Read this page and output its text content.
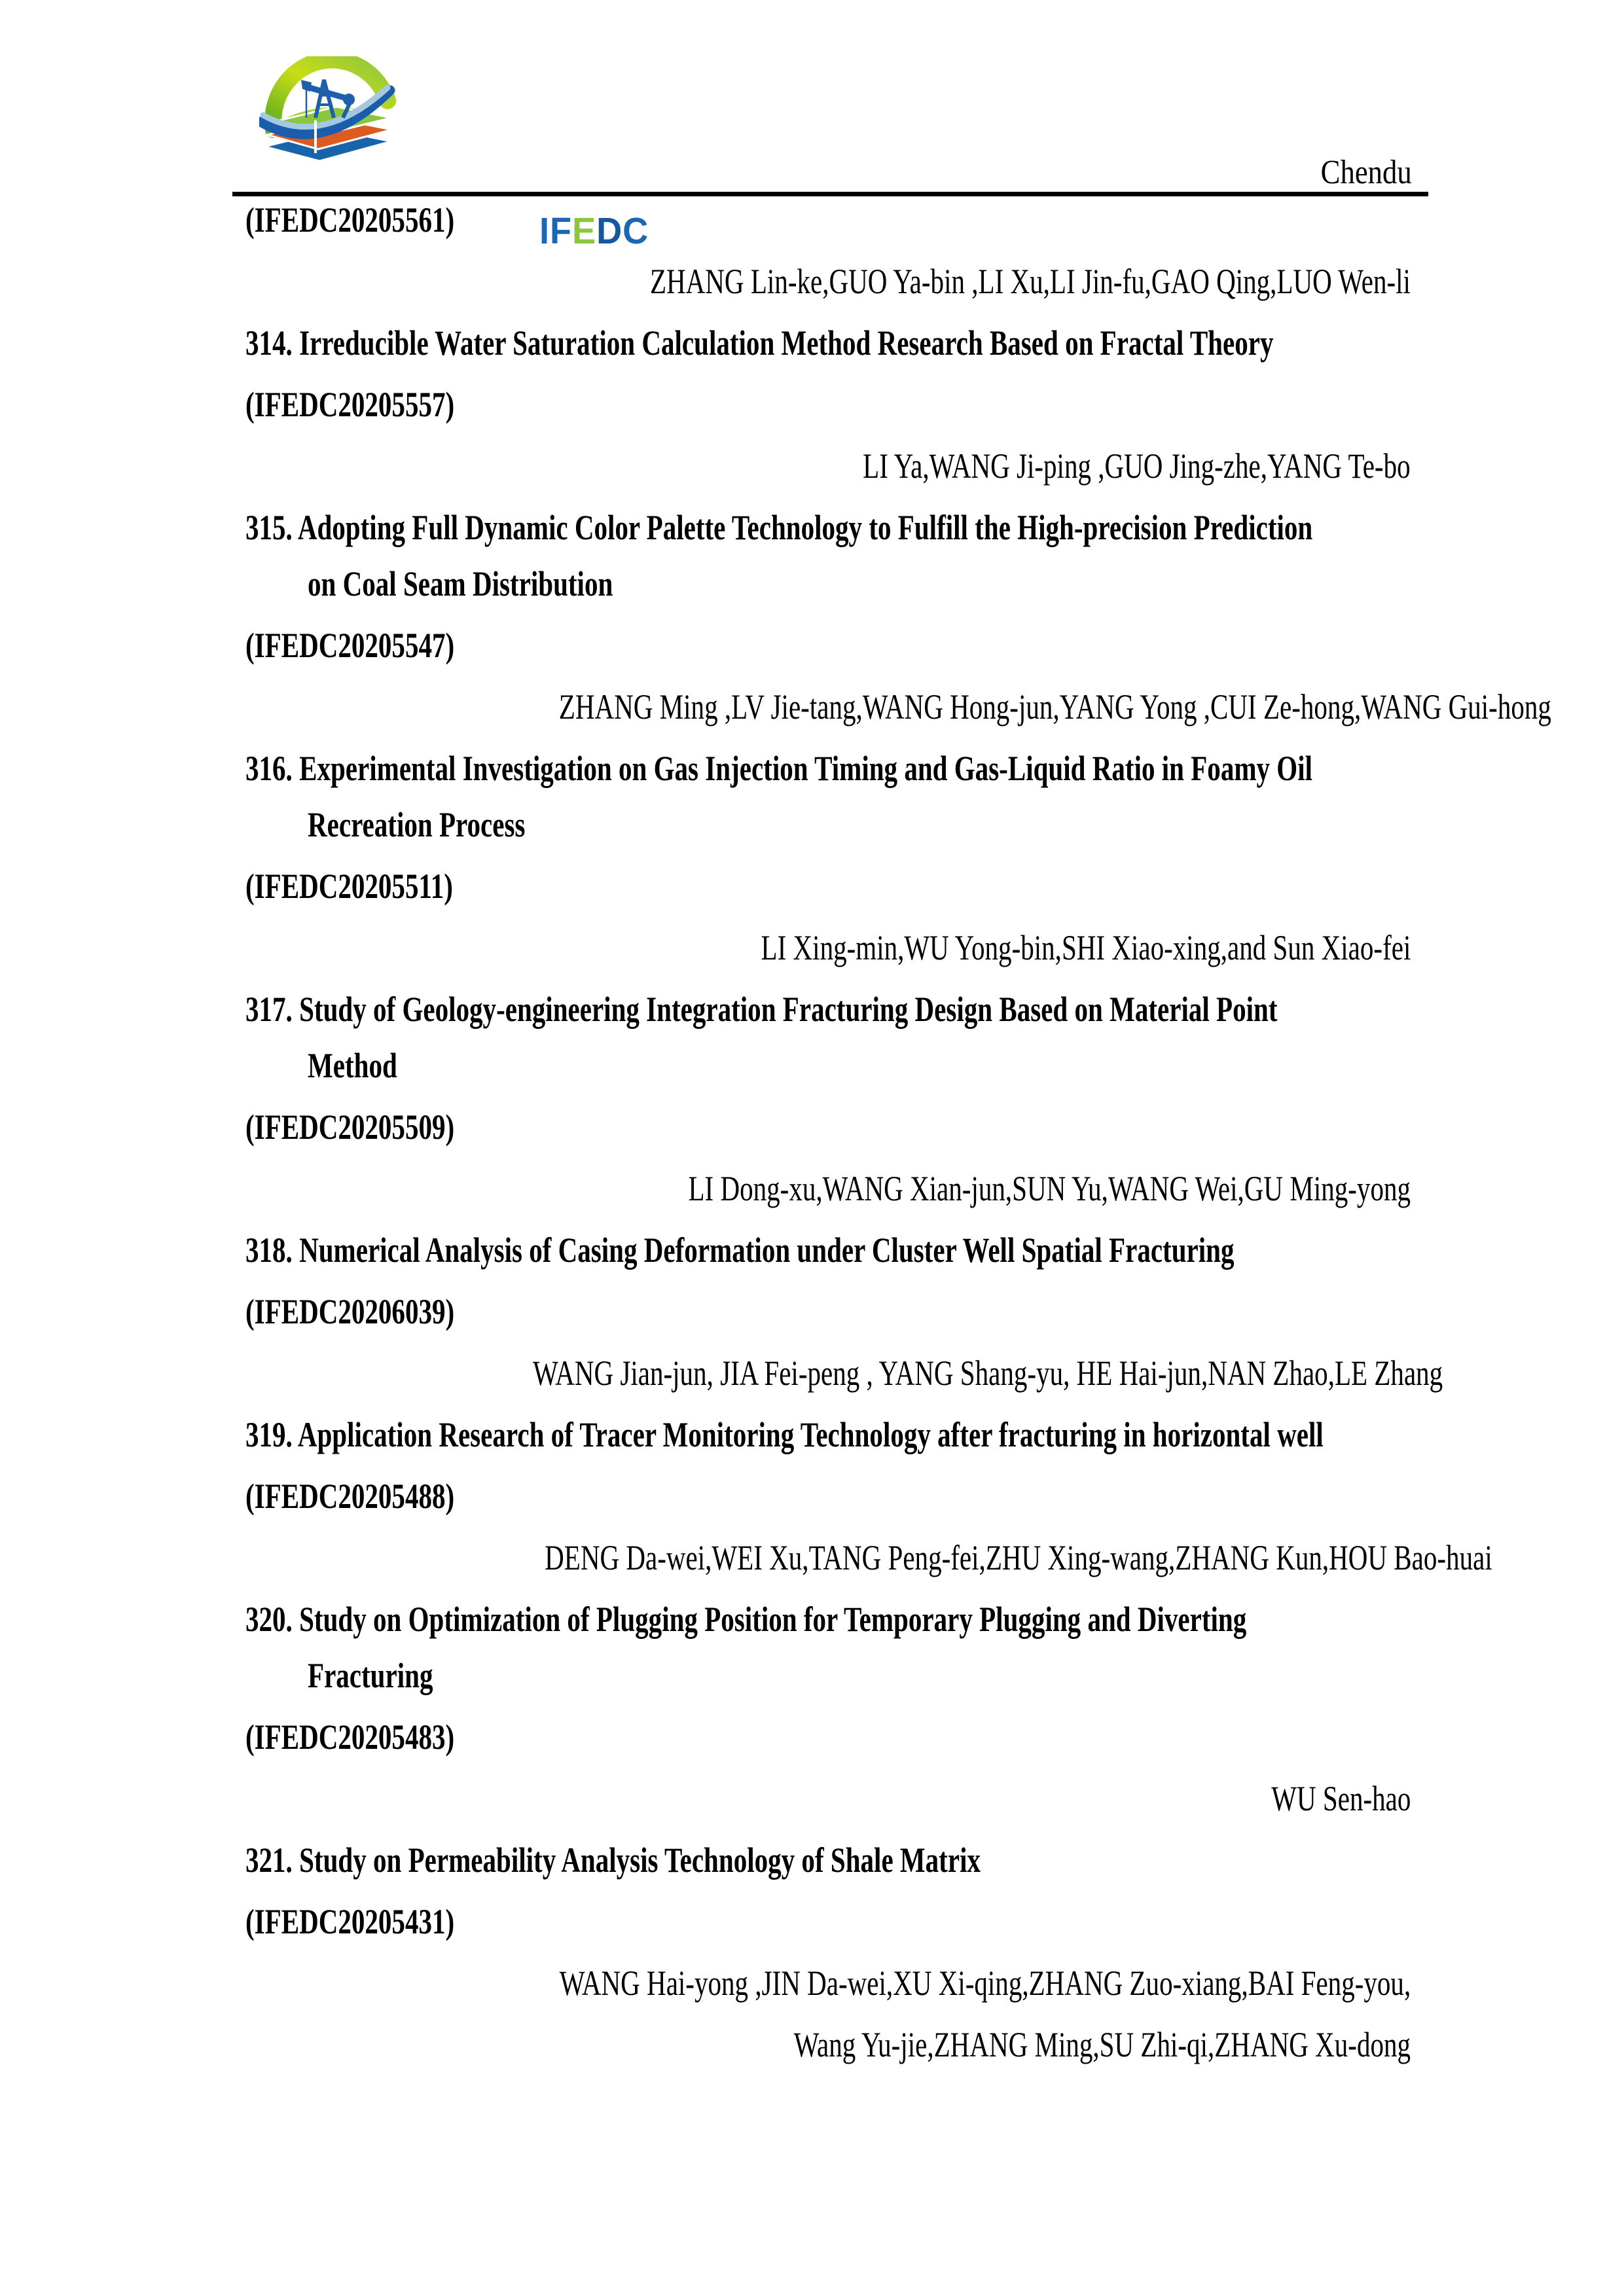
IFEDC
Chendu
(IFEDC20205561)
ZHANG Lin-ke,GUO Ya-bin ,LI Xu,LI Jin-fu,GAO Qing,LUO Wen-li
314. Irreducible Water Saturation Calculation Method Research Based on Fractal Theory
(IFEDC20205557)
LI Ya,WANG Ji-ping ,GUO Jing-zhe,YANG Te-bo
315. Adopting Full Dynamic Color Palette Technology to Fulfill the High-precision Prediction
on Coal Seam Distribution
(IFEDC20205547)
ZHANG Ming ,LV Jie-tang,WANG Hong-jun,YANG Yong ,CUI Ze-hong,WANG Gui-hong
316. Experimental Investigation on Gas Injection Timing and Gas-Liquid Ratio in Foamy Oil
Recreation Process
(IFEDC20205511)
LI Xing-min,WU Yong-bin,SHI Xiao-xing,and Sun Xiao-fei
317. Study of Geology-engineering Integration Fracturing Design Based on Material Point
Method
(IFEDC20205509)
LI Dong-xu,WANG Xian-jun,SUN Yu,WANG Wei,GU Ming-yong
318. Numerical Analysis of Casing Deformation under Cluster Well Spatial Fracturing
(IFEDC20206039)
WANG Jian-jun, JIA Fei-peng , YANG Shang-yu, HE Hai-jun,NAN Zhao,LE Zhang
319. Application Research of Tracer Monitoring Technology after fracturing in horizontal well
(IFEDC20205488)
DENG Da-wei,WEI Xu,TANG Peng-fei,ZHU Xing-wang,ZHANG Kun,HOU Bao-huai
320. Study on Optimization of Plugging Position for Temporary Plugging and Diverting
Fracturing
(IFEDC20205483)
WU Sen-hao
321. Study on Permeability Analysis Technology of Shale Matrix
(IFEDC20205431)
WANG Hai-yong ,JIN Da-wei,XU Xi-qing,ZHANG Zuo-xiang,BAI Feng-you,
Wang Yu-jie,ZHANG Ming,SU Zhi-qi,ZHANG Xu-dong
